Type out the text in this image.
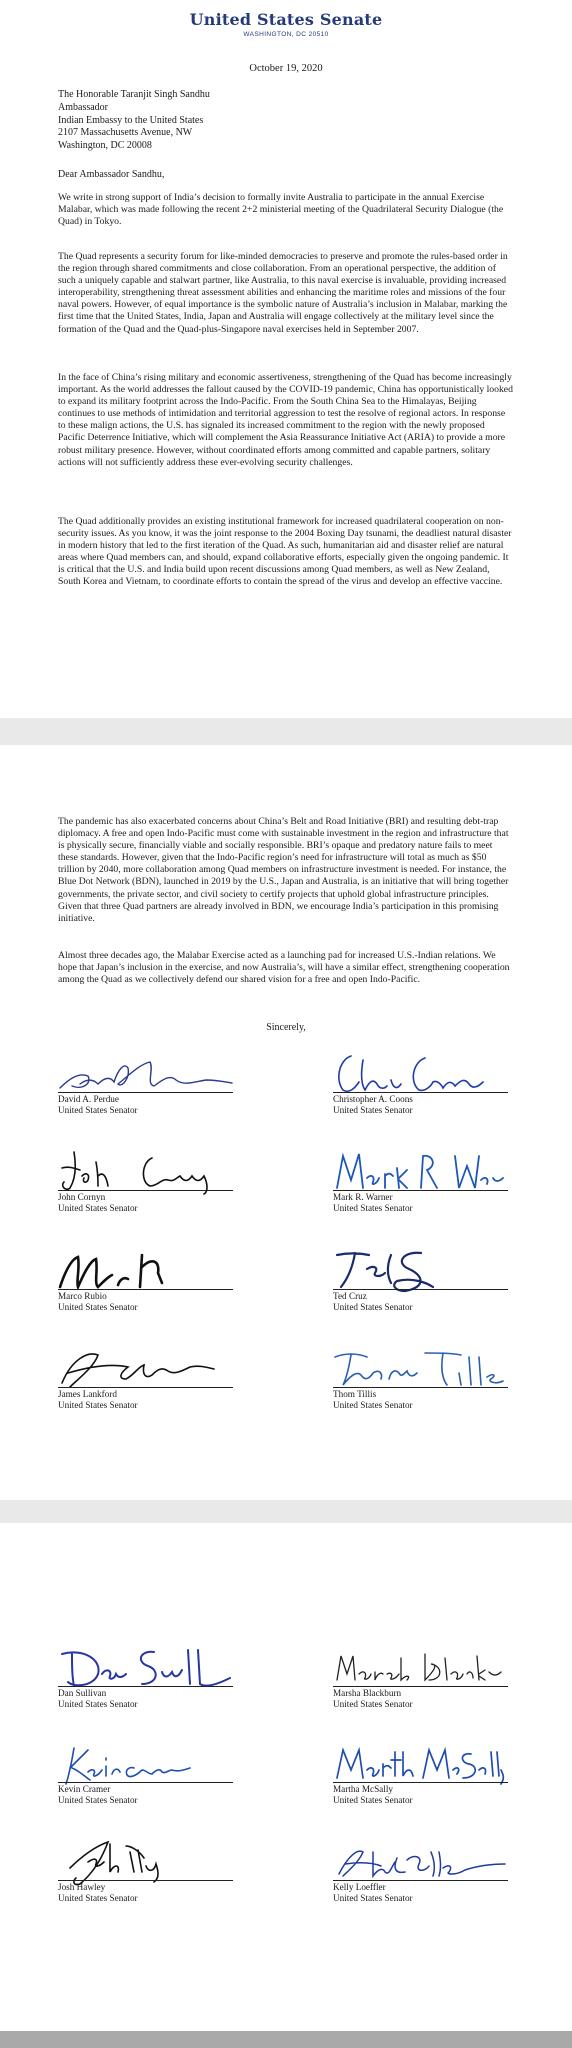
United States Senate
WASHINGTON, DC 20510
October 19, 2020
The Honorable Taranjit Singh Sandhu
Ambassador
Indian Embassy to the United States
2107 Massachusetts Avenue, NW
Washington, DC 20008
Dear Ambassador Sandhu,

We write in strong support of India’s decision to formally invite Australia to participate in the annual Exercise Malabar, which was made following the recent 2+2 ministerial meeting of the Quadrilateral Security Dialogue (the Quad) in Tokyo.

The Quad represents a security forum for like-minded democracies to preserve and promote the rules-based order in the region through shared commitments and close collaboration. From an operational perspective, the addition of such a uniquely capable and stalwart partner, like Australia, to this naval exercise is invaluable, providing increased interoperability, strengthening threat assessment abilities and enhancing the maritime roles and missions of the four naval powers. However, of equal importance is the symbolic nature of Australia’s inclusion in Malabar, marking the first time that the United States, India, Japan and Australia will engage collectively at the military level since the formation of the Quad and the Quad-plus-Singapore naval exercises held in September 2007.

In the face of China’s rising military and economic assertiveness, strengthening of the Quad has become increasingly important. As the world addresses the fallout caused by the COVID-19 pandemic, China has opportunistically looked to expand its military footprint across the Indo-Pacific. From the South China Sea to the Himalayas, Beijing continues to use methods of intimidation and territorial aggression to test the resolve of regional actors. In response to these malign actions, the U.S. has signaled its increased commitment to the region with the newly proposed Pacific Deterrence Initiative, which will complement the Asia Reassurance Initiative Act (ARIA) to provide a more robust military presence. However, without coordinated efforts among committed and capable partners, solitary actions will not sufficiently address these ever-evolving security challenges.

The Quad additionally provides an existing institutional framework for increased quadrilateral cooperation on non-security issues. As you know, it was the joint response to the 2004 Boxing Day tsunami, the deadliest natural disaster in modern history that led to the first iteration of the Quad. As such, humanitarian aid and disaster relief are natural areas where Quad members can, and should, expand collaborative efforts, especially given the ongoing pandemic. It is critical that the U.S. and India build upon recent discussions among Quad members, as well as New Zealand, South Korea and Vietnam, to coordinate efforts to contain the spread of the virus and develop an effective vaccine.

The pandemic has also exacerbated concerns about China’s Belt and Road Initiative (BRI) and resulting debt-trap diplomacy. A free and open Indo-Pacific must come with sustainable investment in the region and infrastructure that is physically secure, financially viable and socially responsible. BRI’s opaque and predatory nature fails to meet these standards. However, given that the Indo-Pacific region’s need for infrastructure will total as much as $50 trillion by 2040, more collaboration among Quad members on infrastructure investment is needed. For instance, the Blue Dot Network (BDN), launched in 2019 by the U.S., Japan and Australia, is an initiative that will bring together governments, the private sector, and civil society to certify projects that uphold global infrastructure principles. Given that three Quad partners are already involved in BDN, we encourage India’s participation in this promising initiative.

Almost three decades ago, the Malabar Exercise acted as a launching pad for increased U.S.-Indian relations. We hope that Japan’s inclusion in the exercise, and now Australia’s, will have a similar effect, strengthening cooperation among the Quad as we collectively defend our shared vision for a free and open Indo-Pacific.

Sincerely,
David A. Perdue
United States Senator
Christopher A. Coons
United States Senator
John Cornyn
United States Senator
Mark R. Warner
United States Senator
Marco Rubio
United States Senator
Ted Cruz
United States Senator
James Lankford
United States Senator
Thom Tillis
United States Senator
Dan Sullivan
United States Senator
Marsha Blackburn
United States Senator
Kevin Cramer
United States Senator
Martha McSally
United States Senator
Josh Hawley
United States Senator
Kelly Loeffler
United States Senator
